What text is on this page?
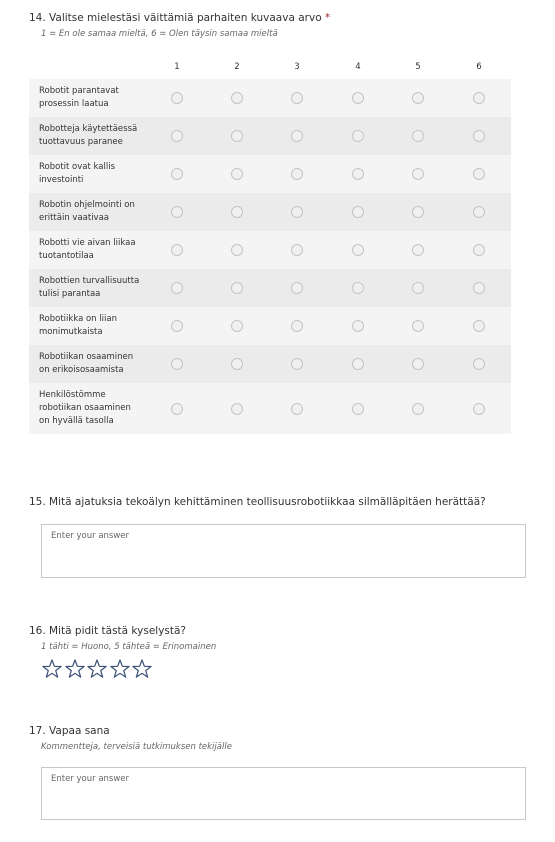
14. Valitse mielestäsi väittämiä parhaiten kuvaava arvo *
1 = En ole samaa mieltä, 6 = Olen täysin samaa mieltä
1	2	3	4	5	6
Robotit parantavat
prosessin laatua
Robotteja käytettäessä
tuottavuus paranee
Robotit ovat kallis
investointi
Robotin ohjelmointi on
erittäin vaativaa
Robotti vie aivan liikaa
tuotantotilaa
Robottien turvallisuutta
tulisi parantaa
Robotiikka on liian
monimutkaista
Robotiikan osaaminen
on erikoisosaamista
Henkilöstömme
robotiikan osaaminen
on hyvällä tasolla
15. Mitä ajatuksia tekoälyn kehittäminen teollisuusrobotiikkaa silmälläpitäen herättää?
Enter your answer
16. Mitä pidit tästä kyselystä?
1 tähti = Huono, 5 tähteä = Erinomainen
17. Vapaa sana
Kommentteja, terveisiä tutkimuksen tekijälle
Enter your answer
